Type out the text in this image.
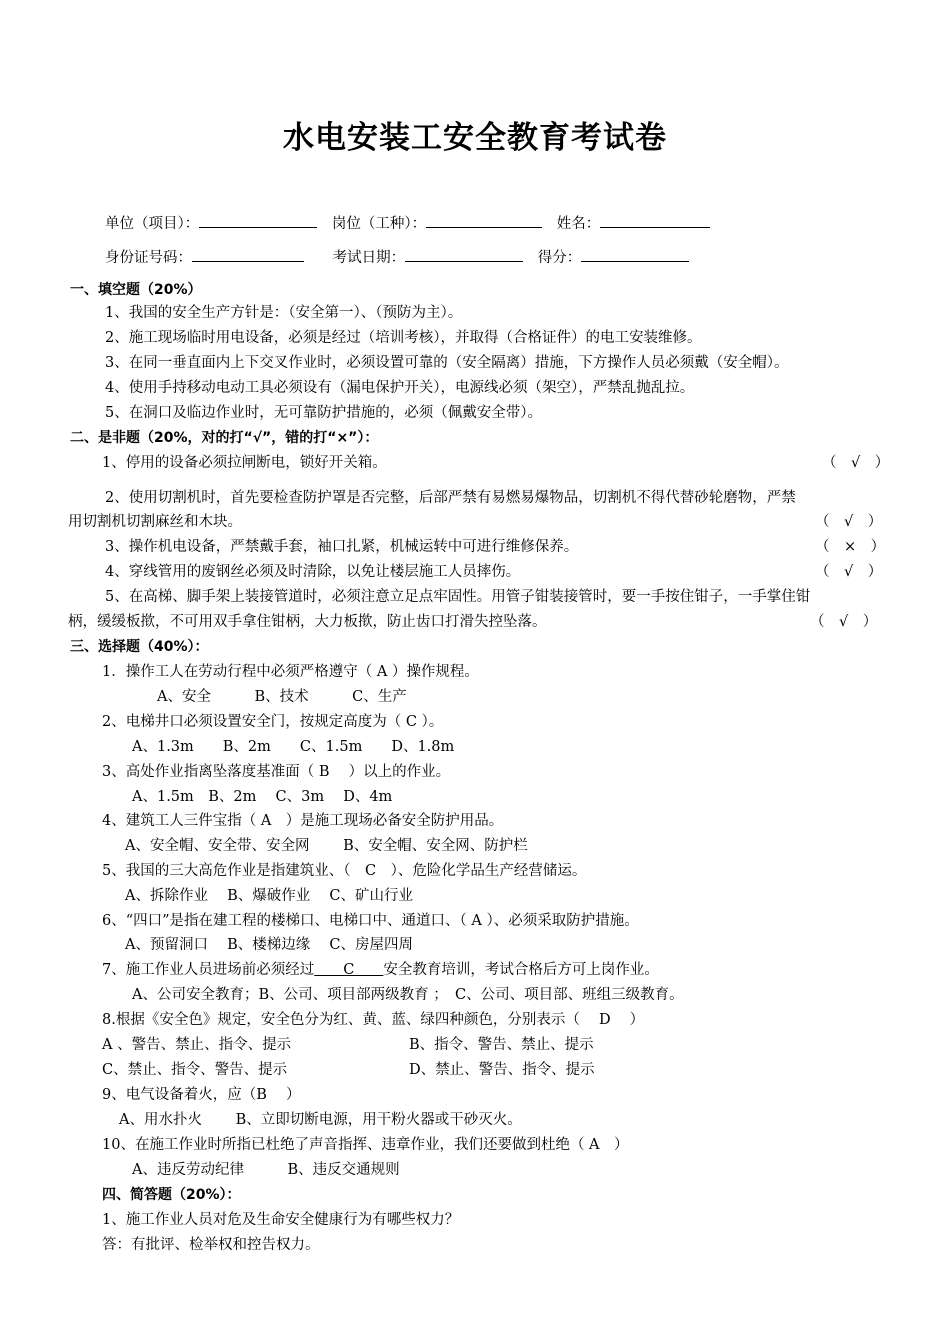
水电安装工安全教育考试卷
单位（项目）：	岗位（工种）：	姓名：
身份证号码：	考试日期：	得分：
一、填空题（20%）
1、我国的安全生产方针是：（安全第一）、（预防为主）。
2、施工现场临时用电设备，必须是经过（培训考核），并取得（合格证件）的电工安装维修。
3、在同一垂直面内上下交叉作业时，必须设置可靠的（安全隔离）措施，下方操作人员必须戴（安全帽）。
4、使用手持移动电动工具必须设有（漏电保护开关），电源线必须（架空），严禁乱抛乱拉。
5、在洞口及临边作业时，无可靠防护措施的，必须（佩戴安全带）。
二、是非题（20%，对的打“√”，错的打“×”）：
1、停用的设备必须拉闸断电，锁好开关箱。	（　√　）
2、使用切割机时，首先要检查防护罩是否完整，后部严禁有易燃易爆物品，切割机不得代替砂轮磨物，严禁
用切割机切割麻丝和木块。	（　√　）
3、操作机电设备，严禁戴手套，袖口扎紧，机械运转中可进行维修保养。	（　×　）
4、穿线管用的废钢丝必须及时清除，以免让楼层施工人员摔伤。	（　√　）
5、在高梯、脚手架上装接管道时，必须注意立足点牢固性。用管子钳装接管时，要一手按住钳子，一手掌住钳
柄，缓缓板揿，不可用双手拿住钳柄，大力板揿，防止齿口打滑失控坠落。	（　√　）
三、选择题（40%）：
1．操作工人在劳动行程中必须严格遵守（ A ）操作规程。
A、安全　　　B、技术　　　C、生产
2、电梯井口必须设置安全门，按规定高度为（ C ）。
A、1.3m　　B、2m　　C、1.5m　　D、1.8m
3、高处作业指离坠落度基准面（ B　 ）以上的作业。
A、1.5m　B、2m　 C、3m　 D、4m
4、建筑工人三件宝指（ A　）是施工现场必备安全防护用品。
A、安全帽、安全带、安全网　　 B、安全帽、安全网、防护栏
5、我国的三大高危作业是指建筑业、（　C　）、危险化学品生产经营储运。
A、拆除作业　 B、爆破作业　 C、矿山行业
6、“四口”是指在建工程的楼梯口、电梯口中、通道口、（ A ）、必须采取防护措施。
A、预留洞口　 B、楼梯边缘　 C、房屋四周
7、施工作业人员进场前必须经过　　C　　安全教育培训，考试合格后方可上岗作业。
A、公司安全教育；B、公司、项目部两级教育 ；　C、公司、项目部、班组三级教育。
8.根据《安全色》规定，安全色分为红、黄、蓝、绿四种颜色，分别表示（　 D　 ）
A 、警告、禁止、指令、提示	B、指令、警告、禁止、提示
C、禁止、指令、警告、提示	D、禁止、警告、指令、提示
9、电气设备着火，应（B　 ）
A、用水扑火　　 B、立即切断电源，用干粉火器或干砂灭火。
10、在施工作业时所指已杜绝了声音指挥、违章作业，我们还要做到杜绝（ A　）
A、违反劳动纪律　　　B、违反交通规则
四、简答题（20%）：
1、施工作业人员对危及生命安全健康行为有哪些权力？
答：有批评、检举权和控告权力。
